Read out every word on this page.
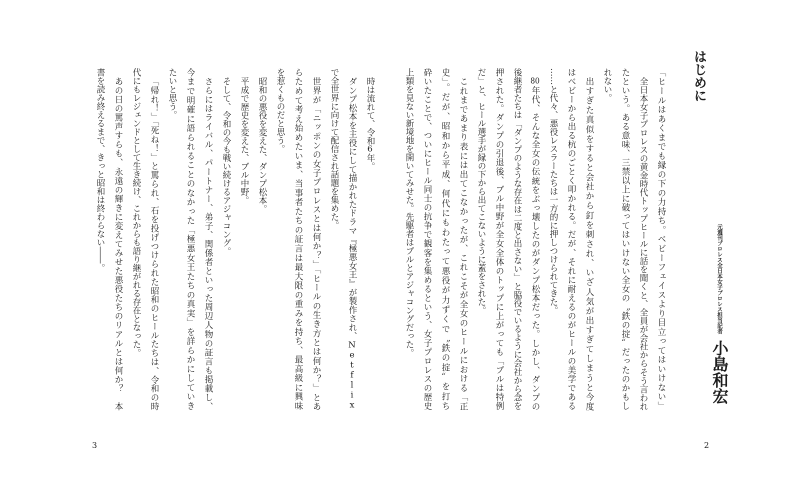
時は流れて、令和6年。
ダンプ松本を主役にして描かれたドラマ『極悪女王』が製作され、Netflix
で全世界に向けて配信され話題を集めた。
世界が「ニッポンの女子プロレスとは何か？」「ヒールの生き方とは何か？」とあ
らためて考え始めたいま、当事者たちの証言は最大限の重みを持ち、最高級に興味
を惹くものだと思う。
昭和の悪役を変えた、ダンプ松本。
平成で歴史を変えた、ブル中野。
そして、令和の今も戦い続けるアジャコング。
さらにはライバル、パートナー、弟子、関係者といった周辺人物の証言も掲載し、
今まで明確に語られることのなかった「極悪女王たちの真実」を詳らかにしていき
たいと思う。
「帰れ！」「死ね！」と罵られ、石を投げつけられた昭和のヒールたちは、令和の時
代にもレジェンドとして生き続け、これからも語り継がれる存在となった。
あの日の罵声すらも、永遠の輝きに変えてみせた悪役たちのリアルとは何か？　本
書を読み終えるまで、きっと昭和は終わらない――。
3
はじめに
元週刊プロレス全日本女子プロレス担当記者
小島和宏
「ヒールはあくまでも縁の下の力持ち。ベビーフェイスより目立ってはいけない」
全日本女子プロレスの黄金時代トップヒールに話を聞くと、全員が会社からそう言われ
たという。ある意味、三禁以上に破ってはいけない全女の〝鉄の掟〟だったのかもし
れない。
出すぎた真似をすると会社から釘を刺され、いざ人気が出すぎてしまうと今度
はベビーから出る杭のごとく叩かれる。だが、それに耐えるのがヒールの美学である
……と代々、悪役レスラーたちは一方的に押しつけられてきた。
80年代、そんな全女の伝統をぶっ壊したのがダンプ松本だった。しかし、ダンプの
後継者たちは「ダンプのような存在は二度と出さない」と脇役でいるように会社から念を
押された。ダンプの引退後、ブル中野が全女全体のトップに上がっても「ブルは特例
だ」と、ヒール選手が縁の下から出てこないように蓋をされた。
これまであまり表には出てこなかったが、これこそが全女のヒールにおける「正
史」。だが、昭和から平成、何代にもわたって悪役が力ずくで〝鉄の掟〟を打ち
砕いたことで、ついにヒール同士の抗争で観客を集めるという、女子プロレスの歴史
上類を見ない新境地を開いてみせた。先駆者はブルとアジャコングだった。
2
